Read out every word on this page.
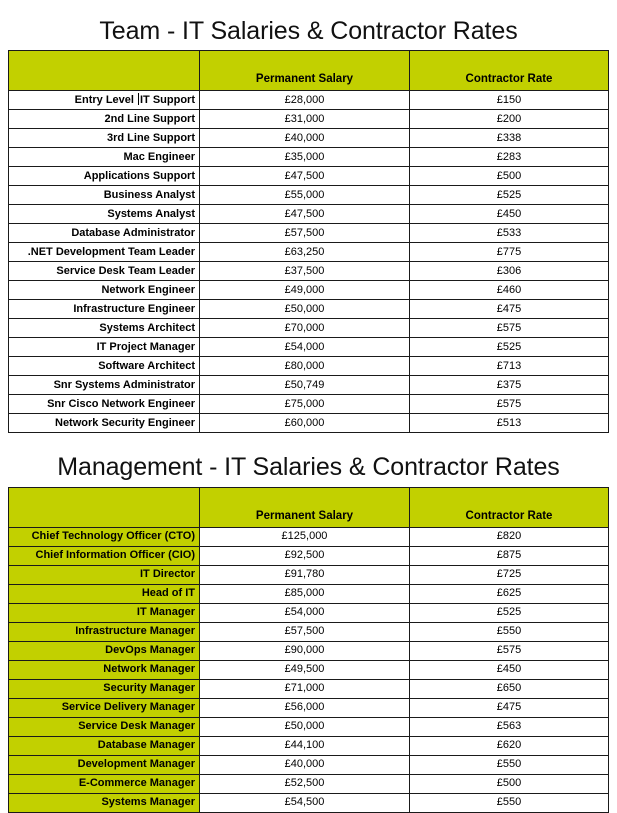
Team - IT Salaries & Contractor Rates
	Permanent Salary	Contractor Rate
Entry Level IT Support	£28,000	£150
2nd Line Support	£31,000	£200
3rd Line Support	£40,000	£338
Mac Engineer	£35,000	£283
Applications Support	£47,500	£500
Business Analyst	£55,000	£525
Systems Analyst	£47,500	£450
Database Administrator	£57,500	£533
.NET Development Team Leader	£63,250	£775
Service Desk Team Leader	£37,500	£306
Network Engineer	£49,000	£460
Infrastructure Engineer	£50,000	£475
Systems Architect	£70,000	£575
IT Project Manager	£54,000	£525
Software Architect	£80,000	£713
Snr Systems Administrator	£50,749	£375
Snr Cisco Network Engineer	£75,000	£575
Network Security Engineer	£60,000	£513
Management - IT Salaries & Contractor Rates
	Permanent Salary	Contractor Rate
Chief Technology Officer (CTO)	£125,000	£820
Chief Information Officer (CIO)	£92,500	£875
IT Director	£91,780	£725
Head of IT	£85,000	£625
IT Manager	£54,000	£525
Infrastructure Manager	£57,500	£550
DevOps Manager	£90,000	£575
Network Manager	£49,500	£450
Security Manager	£71,000	£650
Service Delivery Manager	£56,000	£475
Service Desk Manager	£50,000	£563
Database Manager	£44,100	£620
Development Manager	£40,000	£550
E-Commerce Manager	£52,500	£500
Systems Manager	£54,500	£550
